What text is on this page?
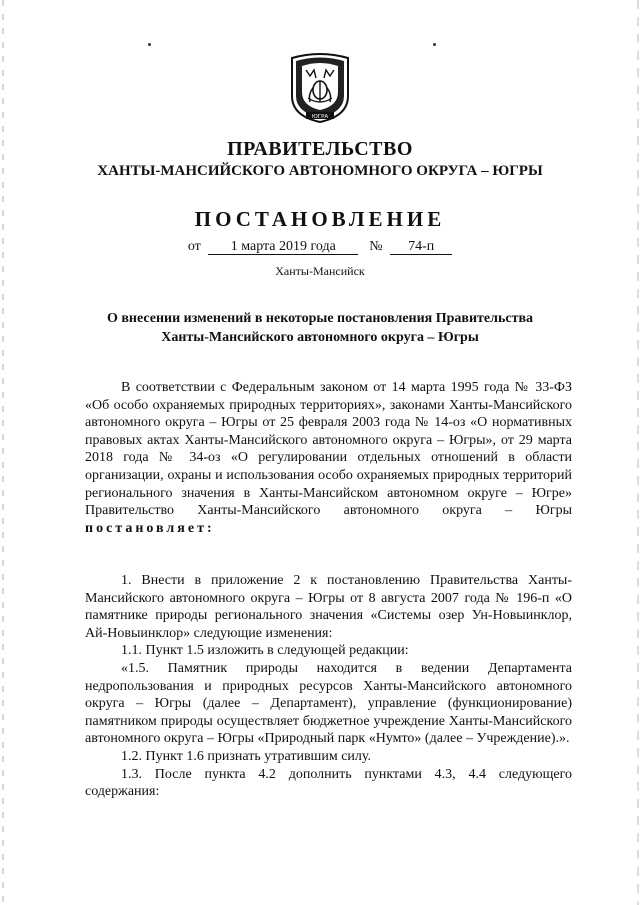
ЮГРА
ПРАВИТЕЛЬСТВО
ХАНТЫ-МАНСИЙСКОГО АВТОНОМНОГО ОКРУГА – ЮГРЫ
ПОСТАНОВЛЕНИЕ
от 1 марта 2019 года № 74-п
Ханты-Мансийск
О внесении изменений в некоторые постановления Правительства
Ханты-Мансийского автономного округа – Югры

В соответствии с Федеральным законом от 14 марта 1995 года № 33-ФЗ «Об особо охраняемых природных территориях», законами Ханты-Мансийского автономного округа – Югры от 25 февраля 2003 года № 14-оз «О нормативных правовых актах Ханты-Мансийского автономного округа – Югры», от 29 марта 2018 года № 34-оз «О регулировании отдельных отношений в области организации, охраны и использования особо охраняемых природных территорий регионального значения в Ханты-Мансийском автономном округе – Югре» Правительство Ханты-Мансийского автономного округа – Югры постановляет:

1. Внести в приложение 2 к постановлению Правительства Ханты-Мансийского автономного округа – Югры от 8 августа 2007 года № 196-п «О памятнике природы регионального значения «Системы озер Ун-Новыинклор, Ай-Новыинклор» следующие изменения:

1.1. Пункт 1.5 изложить в следующей редакции:

«1.5. Памятник природы находится в ведении Департамента недропользования и природных ресурсов Ханты-Мансийского автономного округа – Югры (далее – Департамент), управление (функционирование) памятником природы осуществляет бюджетное учреждение Ханты-Мансийского автономного округа – Югры «Природный парк «Нумто» (далее – Учреждение).».

1.2. Пункт 1.6 признать утратившим силу.

1.3. После пункта 4.2 дополнить пунктами 4.3, 4.4 следующего содержания:
